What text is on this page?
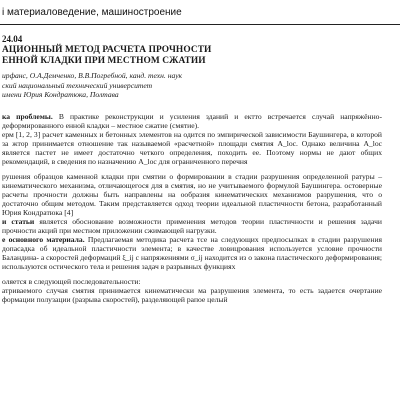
і материаловедение, машиностроение
24.04
АЦИОННЫЙ МЕТОД РАСЧЕТА ПРОЧНОСТИ
ЕННОЙ КЛАДКИ ПРИ МЕСТНОМ СЖАТИИ
ирфанс, О.А.Демченко, В.В.Погребной, канд. техн. наук
ский национальный технический университет
имени Юрия Кондратюка, Полтава

ка проблемы. В практике реконструкции и усиления зданий и ектто встречается случай напряжённо-деформированного енной кладки – местное сжатие (смятие).

ерм [1, 2, 3] расчет каменных и бетонных элементов на одится по эмпирической зависимости Баушингера, в которой за жтор принимается отношение так называемой «расчетной» площади смятия A_loc. Однако величина A_loc является пастет не имеет достаточно четкого определения, походить ее. Поэтому нормы не дают общих рекомендаций, в сведения по назначению A_loc для ограниченного перечня

рушения образцов каменной кладки при смятии о формировании в стадии разрушения определенной ратуры – кинематического механизма, отличающегося для в смятия, но не учитываемого формулой Баушингера. остоверные расчеты прочности должны быть направлены на ообразия кинематических механизмов разрушения, что о достаточно общим методом. Таким представляется одход теории идеальной пластичности бетона, разработанный Юрия Кондратюка [4]

и статьи является обоснование возможности применения методов теории пластичности и решения задачи прочности акций при местном приложении сжимающей нагрузки.

е основного материала. Предлагаемая методика расчета тсе на следующих предпосылках в стадии разрушения допасадка об идеальной пластичности элемента; в качестве ловицрования используется условие прочности Баландина- а скоростей деформаций ξ_ij с напряжениями σ_ij находится из о закона пластического деформирования; используются остического тела и решения задач в разрывных функциях

оляется в следующей последовательности:

атриваемого случая смятия принимается кинематически ма разрушения элемента, то есть задается очертание формации полузации (разрыва скоростей), разделяющей рапое целый
